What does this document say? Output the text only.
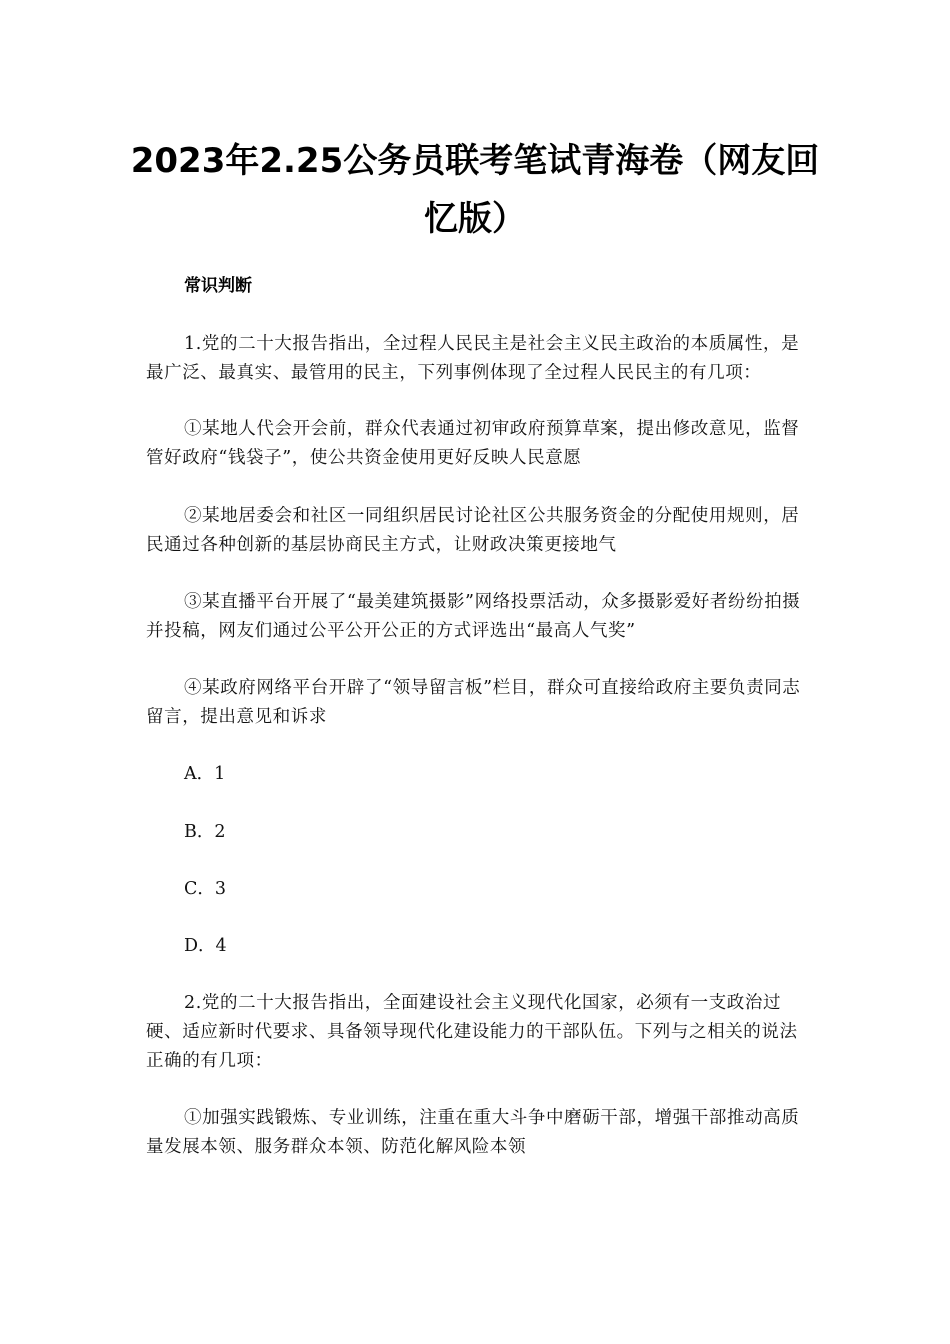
2023年2.25公务员联考笔试青海卷（网友回忆版）
常识判断

1.党的二十大报告指出，全过程人民民主是社会主义民主政治的本质属性，是最广泛、最真实、最管用的民主，下列事例体现了全过程人民民主的有几项：

①某地人代会开会前，群众代表通过初审政府预算草案，提出修改意见，监督管好政府“钱袋子”，使公共资金使用更好反映人民意愿

②某地居委会和社区一同组织居民讨论社区公共服务资金的分配使用规则，居民通过各种创新的基层协商民主方式，让财政决策更接地气

③某直播平台开展了“最美建筑摄影”网络投票活动，众多摄影爱好者纷纷拍摄并投稿，网友们通过公平公开公正的方式评选出“最高人气奖”

④某政府网络平台开辟了“领导留言板”栏目，群众可直接给政府主要负责同志留言，提出意见和诉求

A．1
B．2
C．3
D．4

2.党的二十大报告指出，全面建设社会主义现代化国家，必须有一支政治过硬、适应新时代要求、具备领导现代化建设能力的干部队伍。下列与之相关的说法正确的有几项：

①加强实践锻炼、专业训练，注重在重大斗争中磨砺干部，增强干部推动高质量发展本领、服务群众本领、防范化解风险本领
